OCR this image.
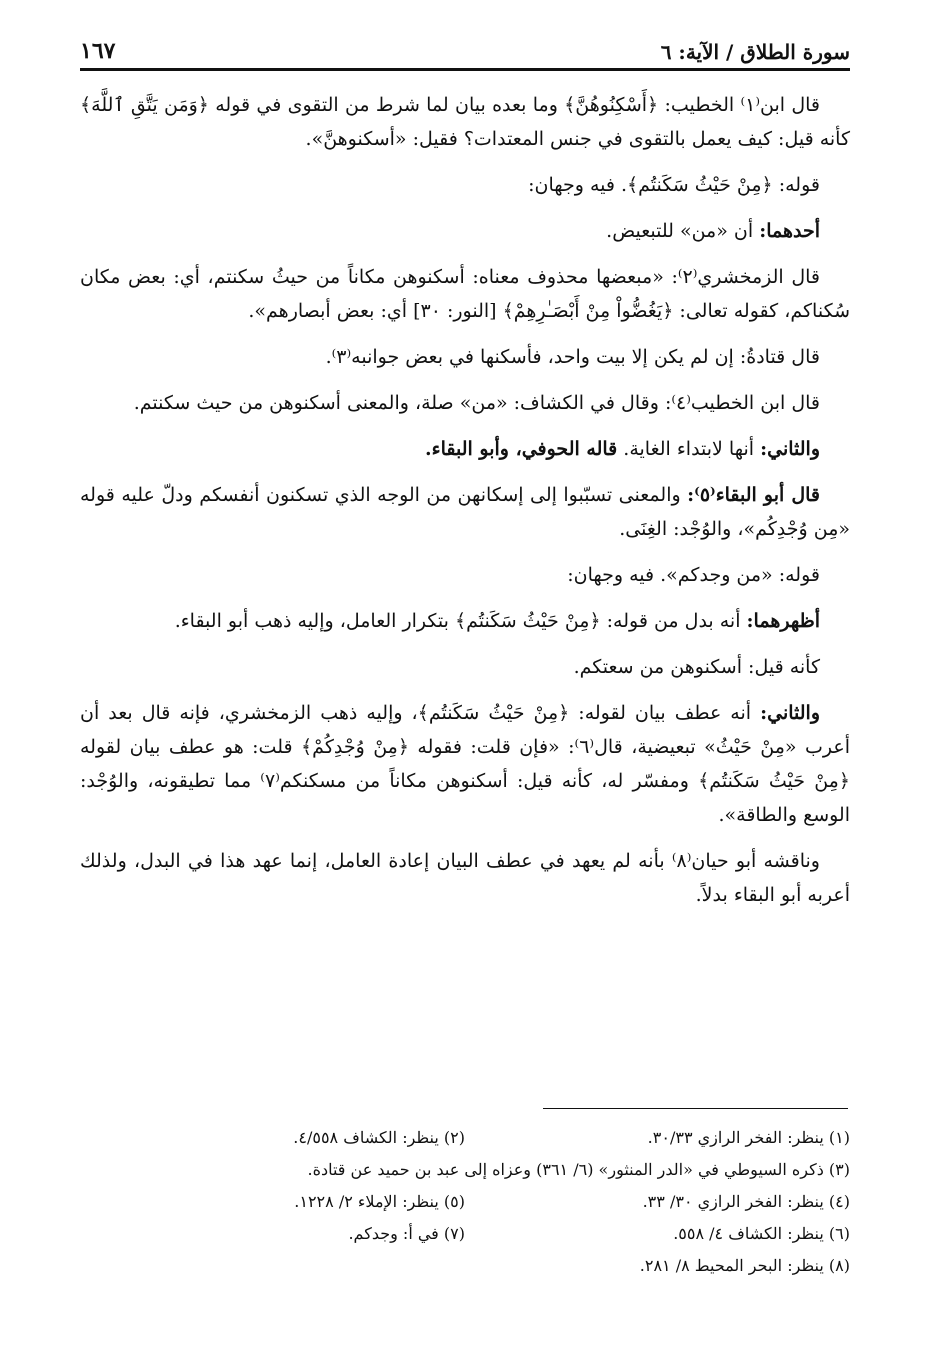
سورة الطلاق / الآية: ٦
١٦٧

قال ابن⁽١⁾ الخطيب: ﴿أَسْكِنُوهُنَّ﴾ وما بعده بيان لما شرط من التقوى في قوله ﴿وَمَن يَتَّقِ ٱللَّهَ﴾ كأنه قيل: كيف يعمل بالتقوى في جنس المعتدات؟ فقيل: «أسكنوهنَّ».

قوله: ﴿مِنْ حَيْثُ سَكَنتُم﴾. فيه وجهان:

أحدهما: أن «من» للتبعيض.

قال الزمخشري⁽٢⁾: «مبعضها محذوف معناه: أسكنوهن مكاناً من حيثُ سكنتم، أي: بعض مكان سُكناكم، كقوله تعالى: ﴿يَغُضُّواْ مِنْ أَبْصَـٰرِهِمْ﴾ [النور: ٣٠] أي: بعض أبصارهم».

قال قتادةُ: إن لم يكن إلا بيت واحد، فأسكنها في بعض جوانبه⁽٣⁾.

قال ابن الخطيب⁽٤⁾: وقال في الكشاف: «من» صلة، والمعنى أسكنوهن من حيث سكنتم.

والثاني: أنها لابتداء الغاية. قاله الحوفي، وأبو البقاء.

قال أبو البقاء⁽٥⁾: والمعنى تسبّبوا إلى إسكانهن من الوجه الذي تسكنون أنفسكم ودلّ عليه قوله «مِن وُجْدِكُم»، والوُجْد: الغِنَى.

قوله: «من وجدكم». فيه وجهان:

أظهرهما: أنه بدل من قوله: ﴿مِنْ حَيْثُ سَكَنتُم﴾ بتكرار العامل، وإليه ذهب أبو البقاء.

كأنه قيل: أسكنوهن من سعتكم.

والثاني: أنه عطف بيان لقوله: ﴿مِنْ حَيْثُ سَكَنتُم﴾، وإليه ذهب الزمخشري، فإنه قال بعد أن أعرب «مِنْ حَيْثُ» تبعيضية، قال⁽٦⁾: «فإن قلت: فقوله ﴿مِنْ وُجْدِكُمْ﴾ قلت: هو عطف بيان لقوله ﴿مِنْ حَيْثُ سَكَنتُم﴾ ومفسّر له، كأنه قيل: أسكنوهن مكاناً من مسكنكم⁽٧⁾ مما تطيقونه، والوُجْد: الوسع والطاقة».

وناقشه أبو حيان⁽٨⁾ بأنه لم يعهد في عطف البيان إعادة العامل، إنما عهد هذا في البدل، ولذلك أعربه أبو البقاء بدلاً.

(١) ينظر: الفخر الرازي ٣٠/٣٣.
(٢) ينظر: الكشاف ٤/٥٥٨.
(٣) ذكره السيوطي في «الدر المنثور» (٦/ ٣٦١) وعزاه إلى عبد بن حميد عن قتادة.
(٤) ينظر: الفخر الرازي ٣٠/ ٣٣.
(٥) ينظر: الإملاء ٢/ ١٢٢٨.
(٦) ينظر: الكشاف ٤/ ٥٥٨.
(٧) في أ: وجدكم.
(٨) ينظر: البحر المحيط ٨/ ٢٨١.
